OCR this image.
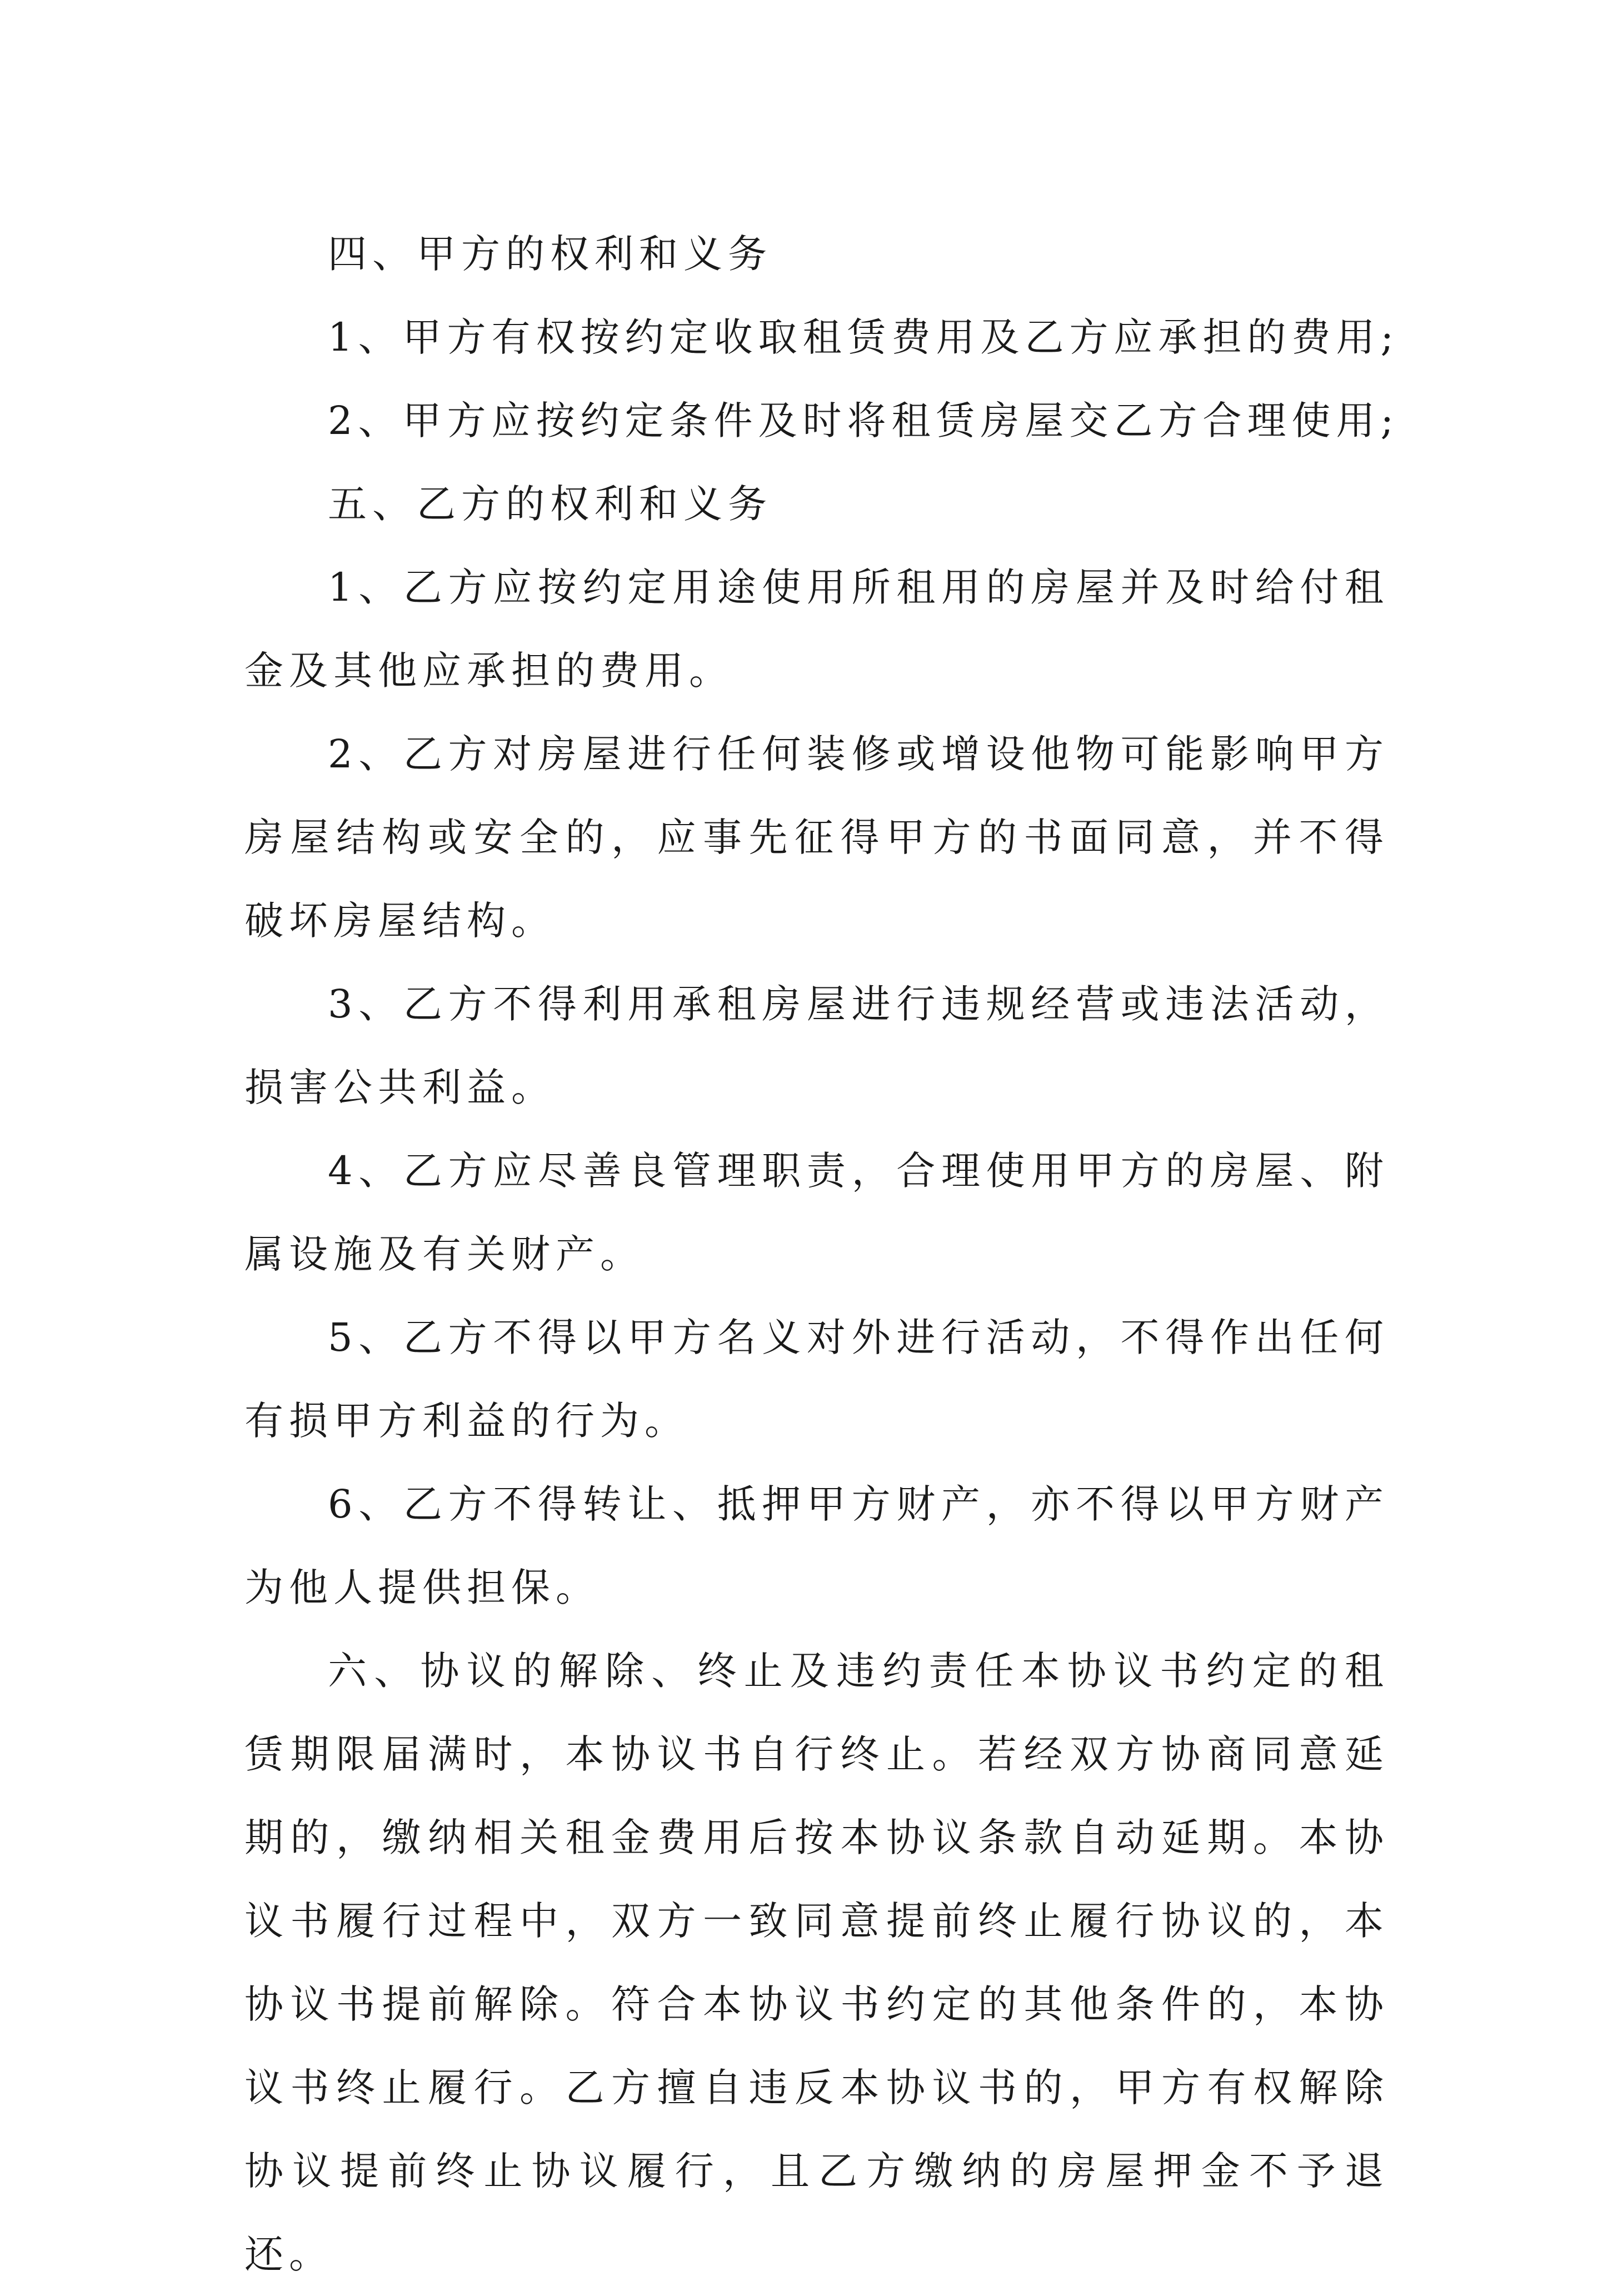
四、甲方的权利和义务

1、甲方有权按约定收取租赁费用及乙方应承担的费用;

2、甲方应按约定条件及时将租赁房屋交乙方合理使用;

五、乙方的权利和义务

1、乙方应按约定用途使用所租用的房屋并及时给付租金及其他应承担的费用。

2、乙方对房屋进行任何装修或增设他物可能影响甲方房屋结构或安全的，应事先征得甲方的书面同意，并不得破坏房屋结构。

3、乙方不得利用承租房屋进行违规经营或违法活动，损害公共利益。

4、乙方应尽善良管理职责，合理使用甲方的房屋、附属设施及有关财产。

5、乙方不得以甲方名义对外进行活动，不得作出任何有损甲方利益的行为。

6、乙方不得转让、抵押甲方财产，亦不得以甲方财产为他人提供担保。

六、协议的解除、终止及违约责任本协议书约定的租赁期限届满时，本协议书自行终止。若经双方协商同意延期的，缴纳相关租金费用后按本协议条款自动延期。本协议书履行过程中，双方一致同意提前终止履行协议的，本协议书提前解除。符合本协议书约定的其他条件的，本协议书终止履行。乙方擅自违反本协议书的，甲方有权解除协议提前终止协议履行，且乙方缴纳的房屋押金不予退还。
